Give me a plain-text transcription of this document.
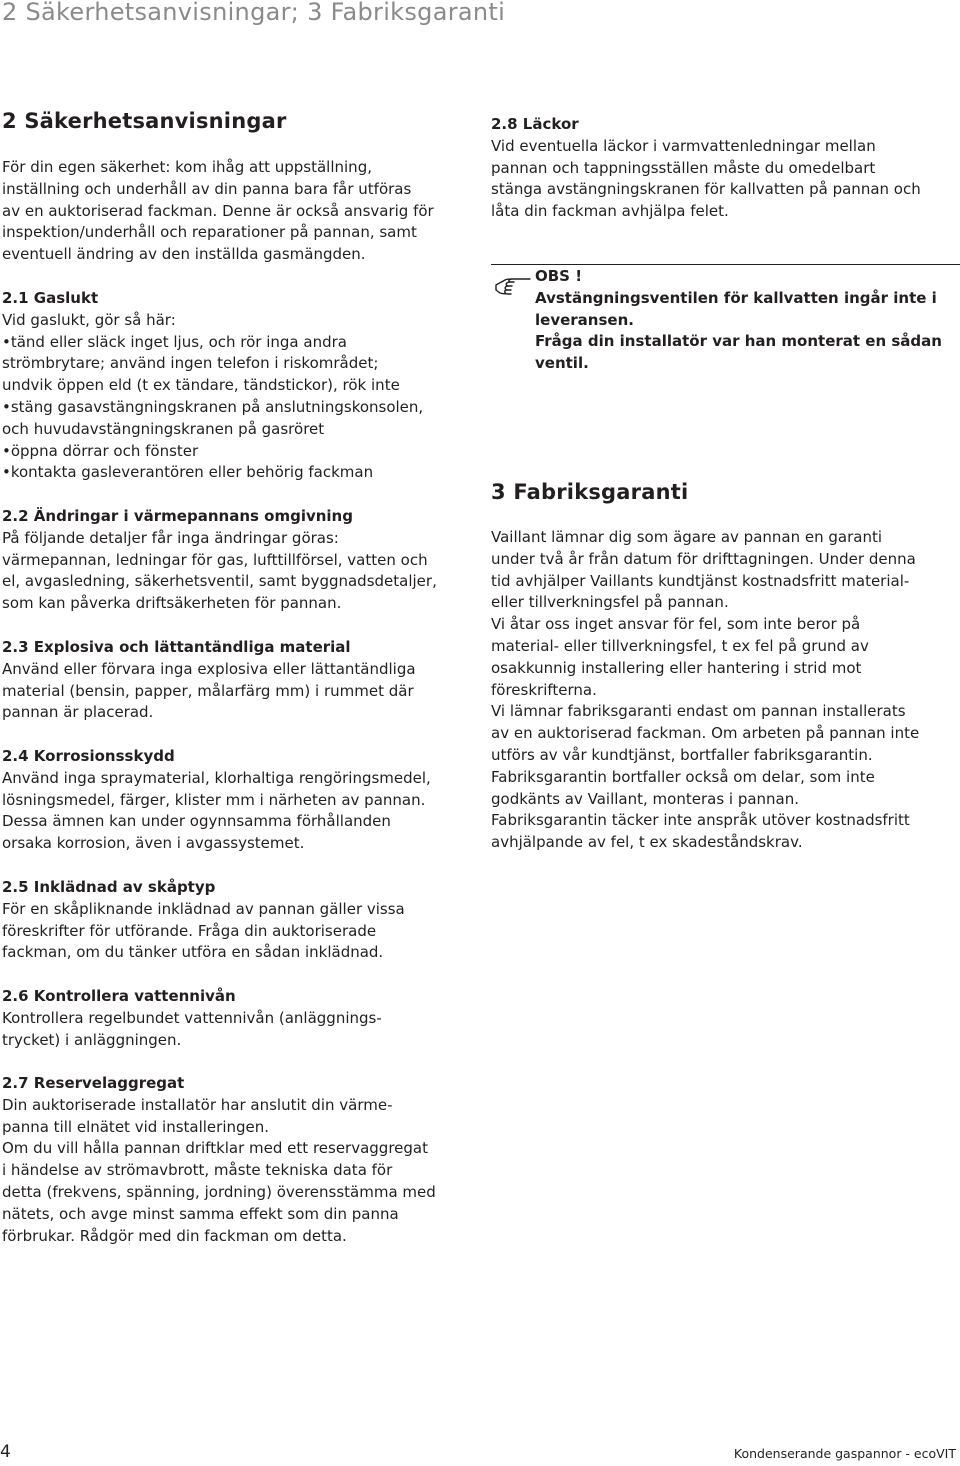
2 Säkerhetsanvisningar; 3 Fabriksgaranti
2 Säkerhetsanvisningar
För din egen säkerhet: kom ihåg att uppställning,
inställning och underhåll av din panna bara får utföras
av en auktoriserad fackman. Denne är också ansvarig för
inspektion/underhåll och reparationer på pannan, samt
eventuell ändring av den inställda gasmängden.
2.1 Gaslukt
Vid gaslukt, gör så här:
•tänd eller släck inget ljus, och rör inga andra
strömbrytare; använd ingen telefon i riskområdet;
undvik öppen eld (t ex tändare, tändstickor), rök inte
•stäng gasavstängningskranen på anslutningskonsolen,
och huvudavstängningskranen på gasröret
•öppna dörrar och fönster
•kontakta gasleverantören eller behörig fackman
2.2 Ändringar i värmepannans omgivning
På följande detaljer får inga ändringar göras:
värmepannan, ledningar för gas, lufttillförsel, vatten och
el, avgasledning, säkerhetsventil, samt byggnadsdetaljer,
som kan påverka driftsäkerheten för pannan.
2.3 Explosiva och lättantändliga material
Använd eller förvara inga explosiva eller lättantändliga
material (bensin, papper, målarfärg mm) i rummet där
pannan är placerad.
2.4 Korrosionsskydd
Använd inga spraymaterial, klorhaltiga rengöringsmedel,
lösningsmedel, färger, klister mm i närheten av pannan.
Dessa ämnen kan under ogynnsamma förhållanden
orsaka korrosion, även i avgassystemet.
2.5 Inklädnad av skåptyp
För en skåpliknande inklädnad av pannan gäller vissa
föreskrifter för utförande. Fråga din auktoriserade
fackman, om du tänker utföra en sådan inklädnad.
2.6 Kontrollera vattennivån
Kontrollera regelbundet vattennivån (anläggnings-
trycket) i anläggningen.
2.7 Reservelaggregat
Din auktoriserade installatör har anslutit din värme-
panna till elnätet vid installeringen.
Om du vill hålla pannan driftklar med ett reservaggregat
i händelse av strömavbrott, måste tekniska data för
detta (frekvens, spänning, jordning) överensstämma med
nätets, och avge minst samma effekt som din panna
förbrukar. Rådgör med din fackman om detta.
2.8 Läckor
Vid eventuella läckor i varmvattenledningar mellan
pannan och tappningsställen måste du omedelbart
stänga avstängningskranen för kallvatten på pannan och
låta din fackman avhjälpa felet.
OBS !
Avstängningsventilen för kallvatten ingår inte i
leveransen.
Fråga din installatör var han monterat en sådan
ventil.
3 Fabriksgaranti
Vaillant lämnar dig som ägare av pannan en garanti
under två år från datum för drifttagningen. Under denna
tid avhjälper Vaillants kundtjänst kostnadsfritt material-
eller tillverkningsfel på pannan.
Vi åtar oss inget ansvar för fel, som inte beror på
material- eller tillverkningsfel, t ex fel på grund av
osakkunnig installering eller hantering i strid mot
föreskrifterna.
Vi lämnar fabriksgaranti endast om pannan installerats
av en auktoriserad fackman. Om arbeten på pannan inte
utförs av vår kundtjänst, bortfaller fabriksgarantin.
Fabriksgarantin bortfaller också om delar, som inte
godkänts av Vaillant, monteras i pannan.
Fabriksgarantin täcker inte anspråk utöver kostnadsfritt
avhjälpande av fel, t ex skadeståndskrav.
4	Kondenserande gaspannor - ecoVIT
